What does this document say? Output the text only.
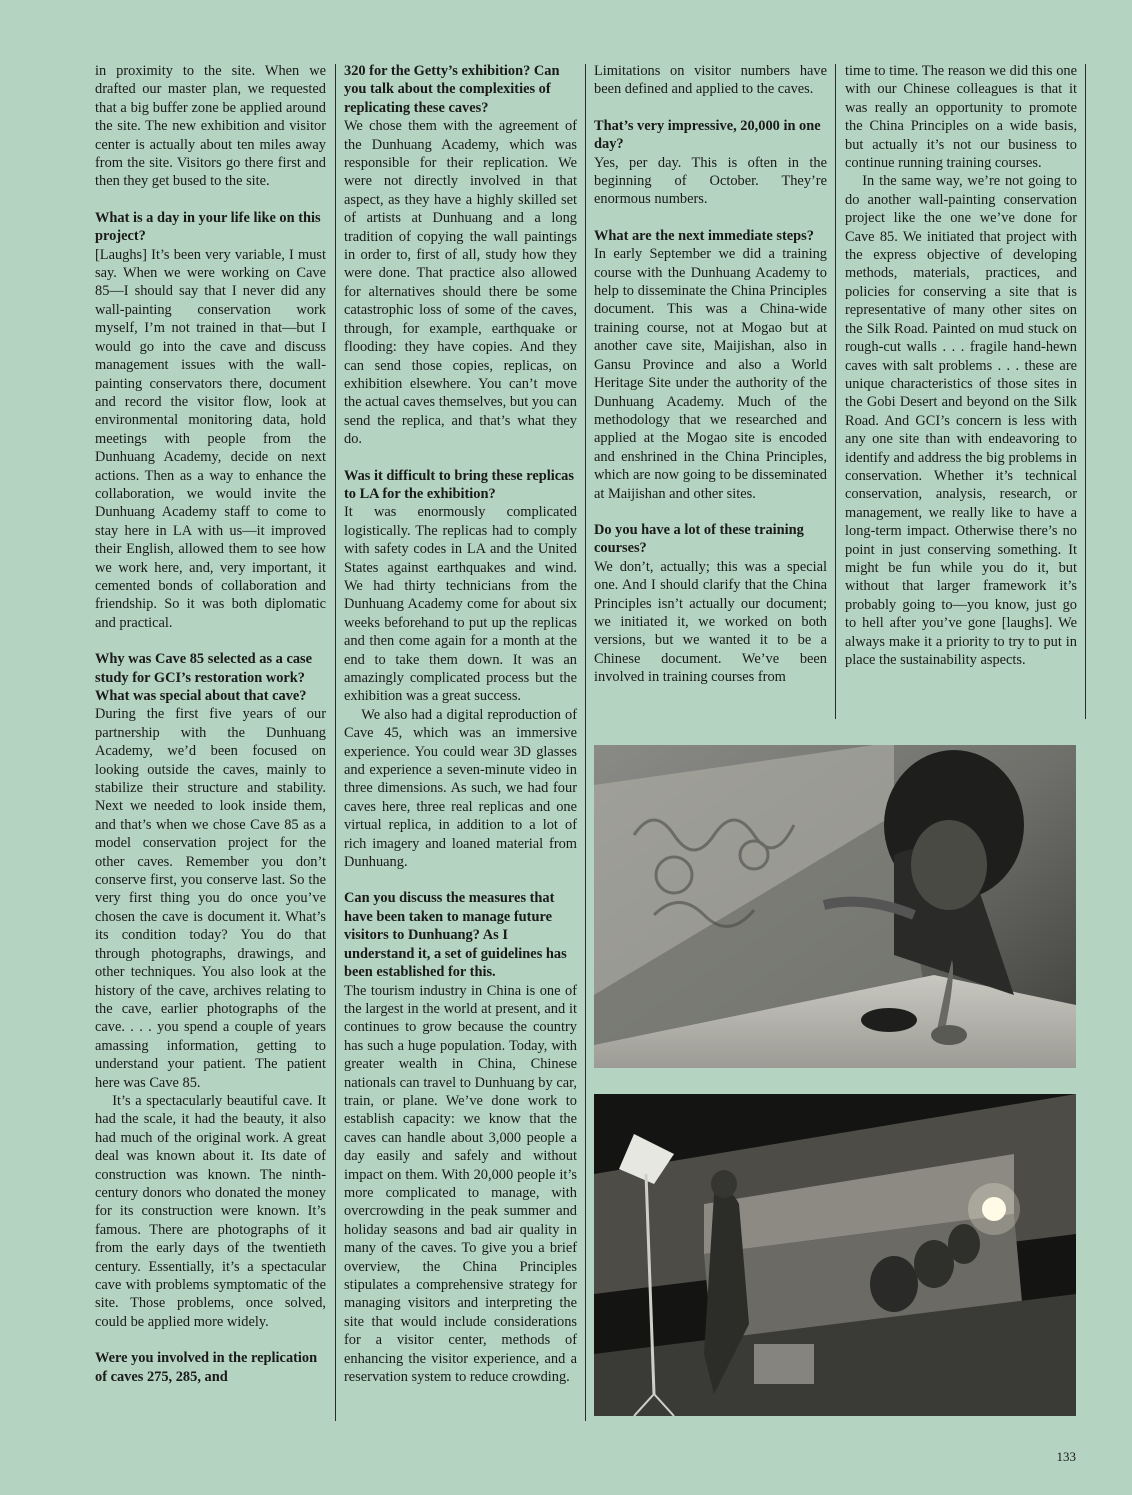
in proximity to the site. When we drafted our master plan, we requested that a big buffer zone be applied around the site. The new exhibition and visitor center is actually about ten miles away from the site. Visitors go there first and then they get bused to the site.

What is a day in your life like on this project?

[Laughs] It’s been very variable, I must say. When we were working on Cave 85—I should say that I never did any wall-painting conservation work myself, I’m not trained in that—but I would go into the cave and discuss management issues with the wall-painting conservators there, document and record the visitor flow, look at environmental monitoring data, hold meetings with people from the Dunhuang Academy, decide on next actions. Then as a way to enhance the collaboration, we would invite the Dunhuang Academy staff to come to stay here in LA with us—it improved their English, allowed them to see how we work here, and, very important, it cemented bonds of collaboration and friendship. So it was both diplomatic and practical.

Why was Cave 85 selected as a case study for GCI’s restoration work? What was special about that cave?

During the first five years of our partnership with the Dunhuang Academy, we’d been focused on looking outside the caves, mainly to stabilize their structure and stability. Next we needed to look inside them, and that’s when we chose Cave 85 as a model conservation project for the other caves. Remember you don’t conserve first, you conserve last. So the very first thing you do once you’ve chosen the cave is document it. What’s its condition today? You do that through photographs, drawings, and other techniques. You also look at the history of the cave, archives relating to the cave, earlier photographs of the cave. . . . you spend a couple of years amassing information, getting to understand your patient. The patient here was Cave 85.

It’s a spectacularly beautiful cave. It had the scale, it had the beauty, it also had much of the original work. A great deal was known about it. Its date of construction was known. The ninth-century donors who donated the money for its construction were known. It’s famous. There are photographs of it from the early days of the twentieth century. Essentially, it’s a spectacular cave with problems symptomatic of the site. Those problems, once solved, could be applied more widely.

Were you involved in the replication of caves 275, 285, and

320 for the Getty’s exhibition? Can you talk about the complexities of replicating these caves?

We chose them with the agreement of the Dunhuang Academy, which was responsible for their replication. We were not directly involved in that aspect, as they have a highly skilled set of artists at Dunhuang and a long tradition of copying the wall paintings in order to, first of all, study how they were done. That practice also allowed for alternatives should there be some catastrophic loss of some of the caves, through, for example, earthquake or flooding: they have copies. And they can send those copies, replicas, on exhibition elsewhere. You can’t move the actual caves themselves, but you can send the replica, and that’s what they do.

Was it difficult to bring these replicas to LA for the exhibition?

It was enormously complicated logistically. The replicas had to comply with safety codes in LA and the United States against earthquakes and wind. We had thirty technicians from the Dunhuang Academy come for about six weeks beforehand to put up the replicas and then come again for a month at the end to take them down. It was an amazingly complicated process but the exhibition was a great success.

We also had a digital reproduction of Cave 45, which was an immersive experience. You could wear 3D glasses and experience a seven-minute video in three dimensions. As such, we had four caves here, three real replicas and one virtual replica, in addition to a lot of rich imagery and loaned material from Dunhuang.

Can you discuss the measures that have been taken to manage future visitors to Dunhuang? As I understand it, a set of guidelines has been established for this.

The tourism industry in China is one of the largest in the world at present, and it continues to grow because the country has such a huge population. Today, with greater wealth in China, Chinese nationals can travel to Dunhuang by car, train, or plane. We’ve done work to establish capacity: we know that the caves can handle about 3,000 people a day easily and safely and without impact on them. With 20,000 people it’s more complicated to manage, with overcrowding in the peak summer and holiday seasons and bad air quality in many of the caves. To give you a brief overview, the China Principles stipulates a comprehensive strategy for managing visitors and interpreting the site that would include considerations for a visitor center, methods of enhancing the visitor experience, and a reservation system to reduce crowding.

Limitations on visitor numbers have been defined and applied to the caves.

That’s very impressive, 20,000 in one day?

Yes, per day. This is often in the beginning of October. They’re enormous numbers.

What are the next immediate steps?

In early September we did a training course with the Dunhuang Academy to help to disseminate the China Principles document. This was a China-wide training course, not at Mogao but at another cave site, Maijishan, also in Gansu Province and also a World Heritage Site under the authority of the Dunhuang Academy. Much of the methodology that we researched and applied at the Mogao site is encoded and enshrined in the China Principles, which are now going to be disseminated at Maijishan and other sites.

Do you have a lot of these training courses?

We don’t, actually; this was a special one. And I should clarify that the China Principles isn’t actually our document; we initiated it, we worked on both versions, but we wanted it to be a Chinese document. We’ve been involved in training courses from

time to time. The reason we did this one with our Chinese colleagues is that it was really an opportunity to promote the China Principles on a wide basis, but actually it’s not our business to continue running training courses.

In the same way, we’re not going to do another wall-painting conservation project like the one we’ve done for Cave 85. We initiated that project with the express objective of developing methods, materials, practices, and policies for conserving a site that is representative of many other sites on the Silk Road. Painted on mud stuck on rough-cut walls . . . fragile hand-hewn caves with salt problems . . . these are unique characteristics of those sites in the Gobi Desert and beyond on the Silk Road. And GCI’s concern is less with any one site than with endeavoring to identify and address the big problems in conservation. Whether it’s technical conservation, analysis, research, or management, we really like to have a long-term impact. Otherwise there’s no point in just conserving something. It might be fun while you do it, but without that larger framework it’s probably going to—you know, just go to hell after you’ve gone [laughs]. We always make it a priority to try to put in place the sustainability aspects.

133
